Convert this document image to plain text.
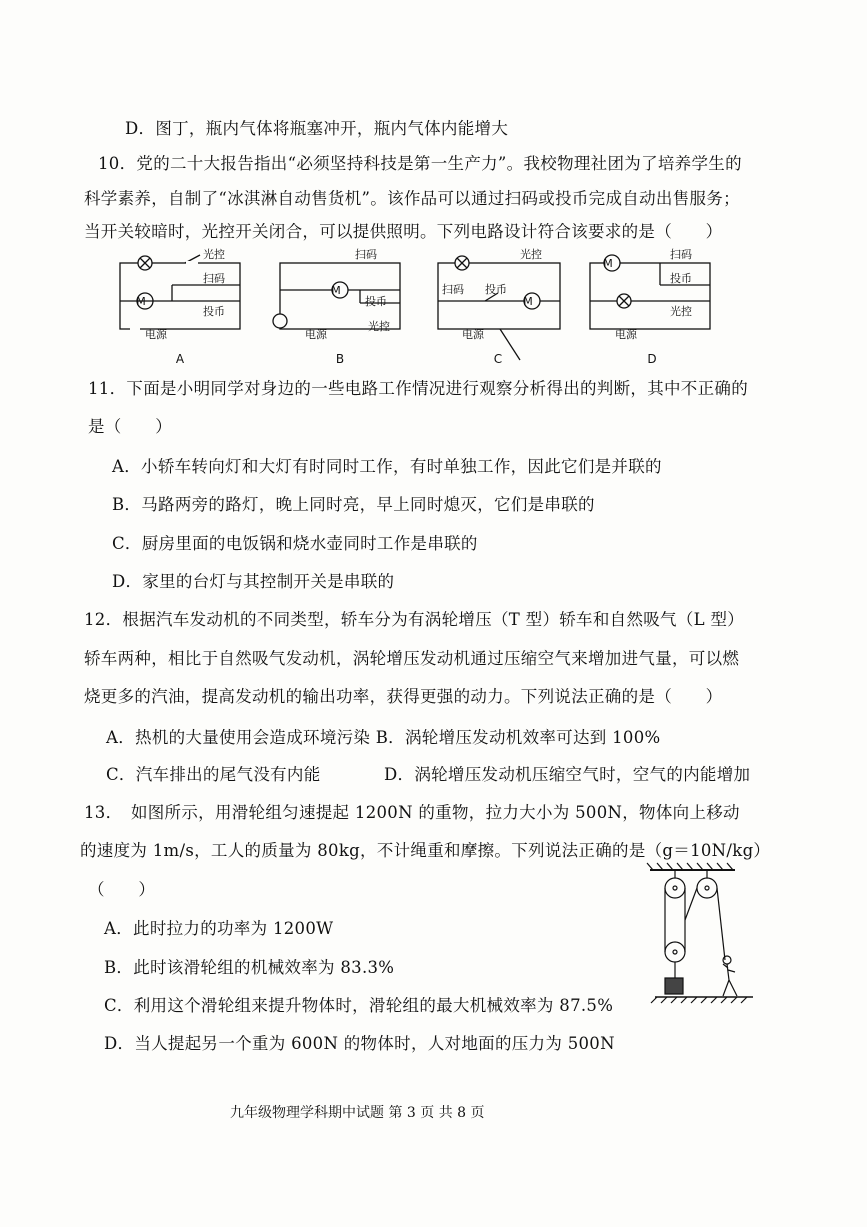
D．图丁，瓶内气体将瓶塞冲开，瓶内气体内能增大
10．党的二十大报告指出“必须坚持科技是第一生产力”。我校物理社团为了培养学生的
科学素养，自制了“冰淇淋自动售货机”。该作品可以通过扫码或投币完成自动出售服务；
当开关较暗时，光控开关闭合，可以提供照明。下列电路设计符合该要求的是（　　）
M
光控
扫码
投币
电源
M
扫码
投币
电源
光控
光控
扫码 投币
M
电源
M
扫码
投币
光控
电源
A	B	C	D
11．下面是小明同学对身边的一些电路工作情况进行观察分析得出的判断，其中不正确的
是（　　）
A．小轿车转向灯和大灯有时同时工作，有时单独工作，因此它们是并联的
B．马路两旁的路灯，晚上同时亮，早上同时熄灭，它们是串联的
C．厨房里面的电饭锅和烧水壶同时工作是串联的
D．家里的台灯与其控制开关是串联的
12．根据汽车发动机的不同类型，轿车分为有涡轮增压（T 型）轿车和自然吸气（L 型）
轿车两种，相比于自然吸气发动机，涡轮增压发动机通过压缩空气来增加进气量，可以燃
烧更多的汽油，提高发动机的输出功率，获得更强的动力。下列说法正确的是（　　）
A．热机的大量使用会造成环境污染 B．涡轮增压发动机效率可达到 100%
C．汽车排出的尾气没有内能	D．涡轮增压发动机压缩空气时，空气的内能增加
13．　如图所示，用滑轮组匀速提起 1200N 的重物，拉力大小为 500N，物体向上移动
的速度为 1m/s，工人的质量为 80kg，不计绳重和摩擦。下列说法正确的是（g＝10N/kg）
（　　）
A．此时拉力的功率为 1200W
B．此时该滑轮组的机械效率为 83.3%
C．利用这个滑轮组来提升物体时，滑轮组的最大机械效率为 87.5%
D．当人提起另一个重为 600N 的物体时，人对地面的压力为 500N
九年级物理学科期中试题 第 3 页 共 8 页
